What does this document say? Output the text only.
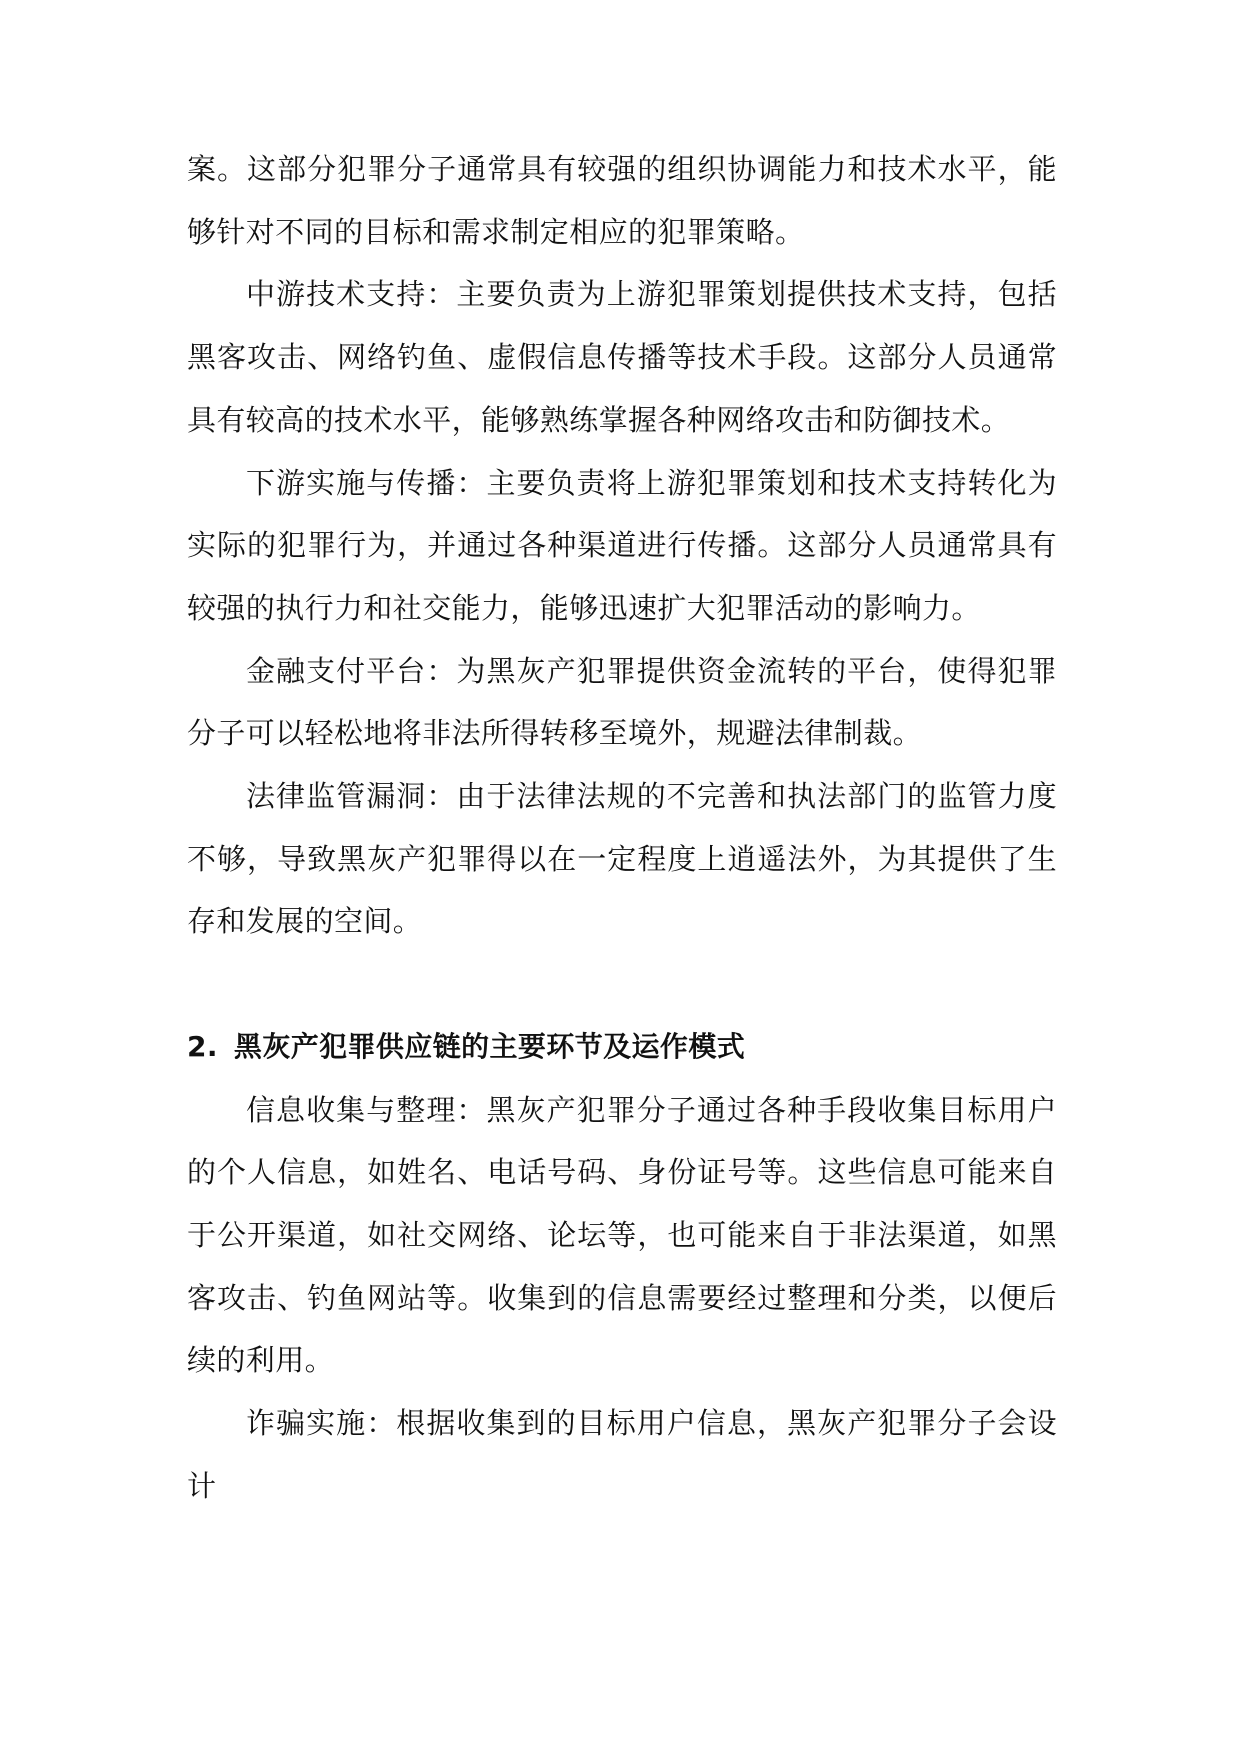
案。这部分犯罪分子通常具有较强的组织协调能力和技术水平，能够针对不同的目标和需求制定相应的犯罪策略。

中游技术支持：主要负责为上游犯罪策划提供技术支持，包括黑客攻击、网络钓鱼、虚假信息传播等技术手段。这部分人员通常具有较高的技术水平，能够熟练掌握各种网络攻击和防御技术。

下游实施与传播：主要负责将上游犯罪策划和技术支持转化为实际的犯罪行为，并通过各种渠道进行传播。这部分人员通常具有较强的执行力和社交能力，能够迅速扩大犯罪活动的影响力。

金融支付平台：为黑灰产犯罪提供资金流转的平台，使得犯罪分子可以轻松地将非法所得转移至境外，规避法律制裁。

法律监管漏洞：由于法律法规的不完善和执法部门的监管力度不够，导致黑灰产犯罪得以在一定程度上逍遥法外，为其提供了生存和发展的空间。

2. 黑灰产犯罪供应链的主要环节及运作模式

信息收集与整理：黑灰产犯罪分子通过各种手段收集目标用户的个人信息，如姓名、电话号码、身份证号等。这些信息可能来自于公开渠道，如社交网络、论坛等，也可能来自于非法渠道，如黑客攻击、钓鱼网站等。收集到的信息需要经过整理和分类，以便后续的利用。

诈骗实施：根据收集到的目标用户信息，黑灰产犯罪分子会设计
